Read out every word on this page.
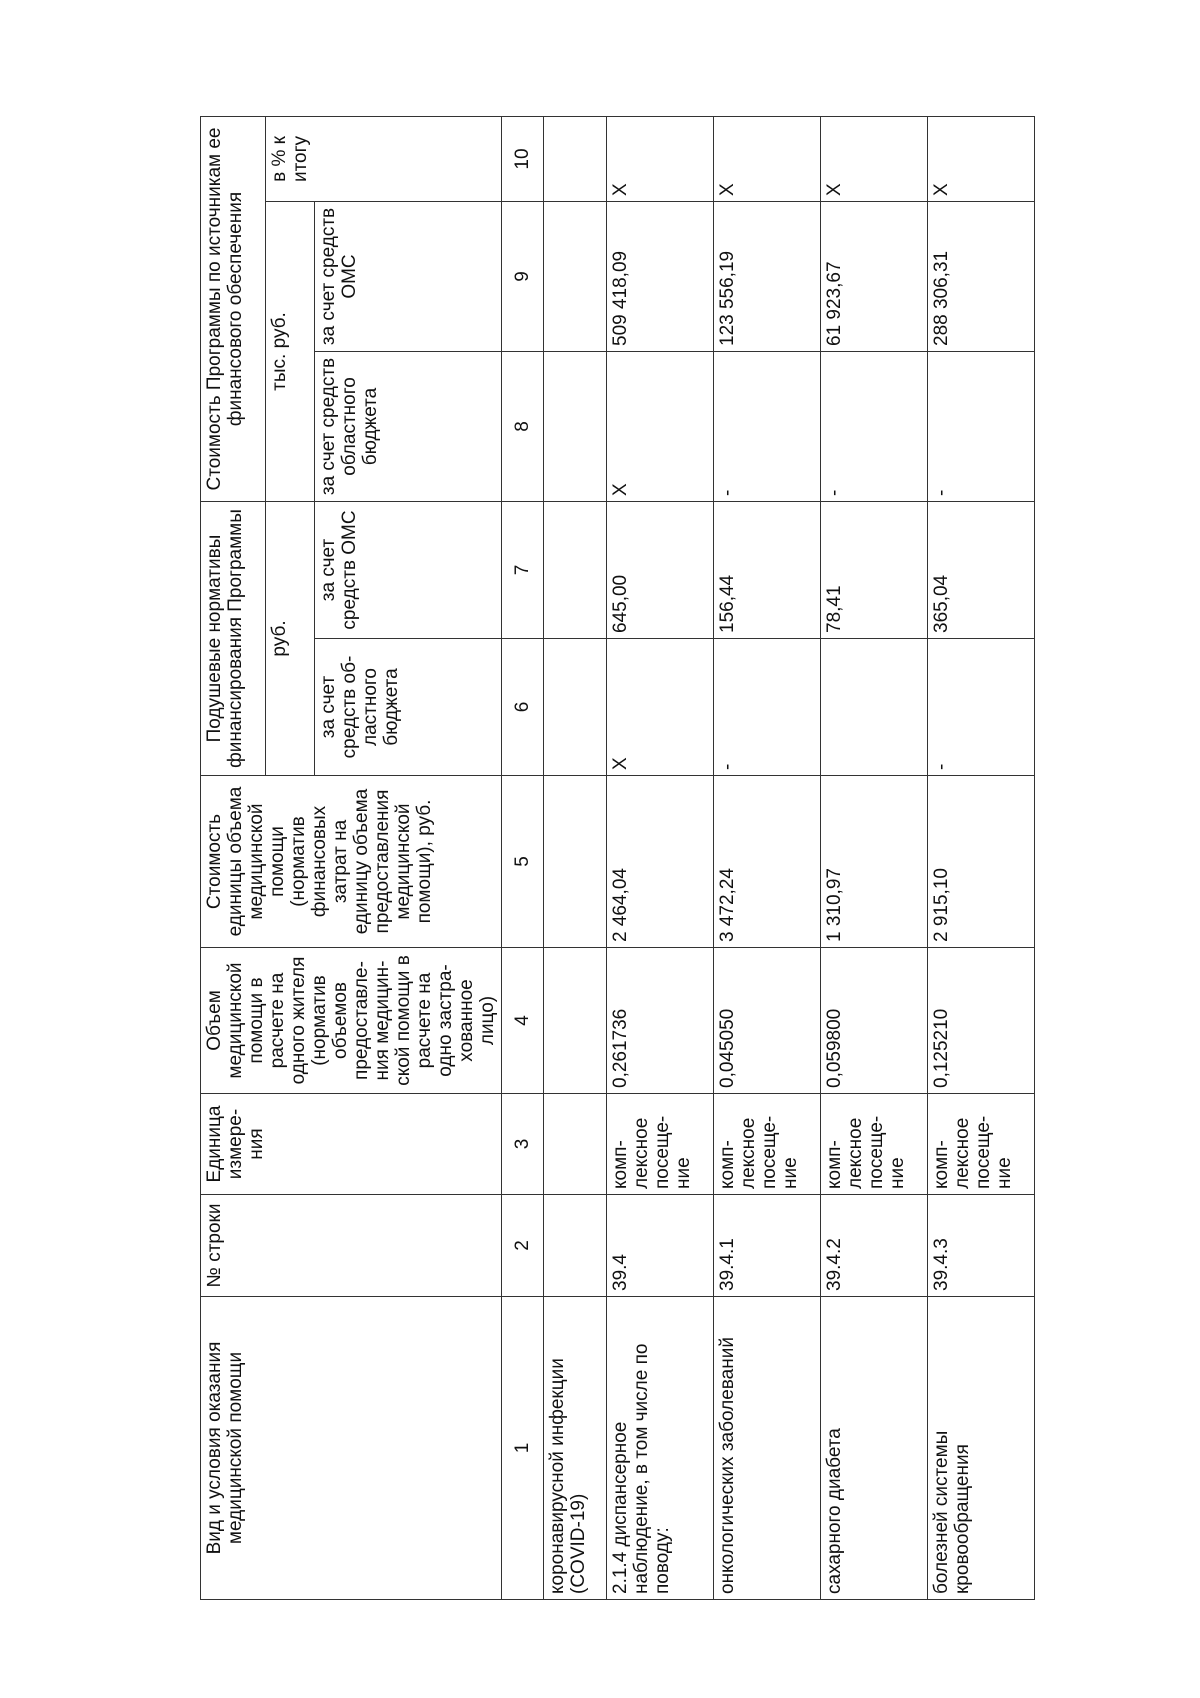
Вид и условия оказания медицинской помощи	№ строки	Единица измере-ния	Объем медицинской помощи в расчете на одного жителя (норматив объемов предоставле-ния медицин-ской помощи в расчете на одно застра-хованное лицо)	Стоимость единицы объема медицинской помощи (норматив финансовых затрат на единицу объема предоставления медицинской помощи), руб.	Подушевые нормативы финансирования Программы		Стоимость Программы по источникам ее финансового обеспечения		
					руб.		тыс. руб.		в % к итогу
					за счет средств об-ластного бюджета	за счет средств ОМС	за счет средств областного бюджета	за счет средств ОМС	
1	2	3	4	5	6	7	8	9	10
коронавирусной инфекции (COVID-19)									
2.1.4 диспансерное наблюдение, в том числе по поводу:	39.4	комп-лексное посеще-ние	0,261736	2 464,04	X	645,00	X	509 418,09	X
онкологических заболеваний	39.4.1	комп-лексное посеще-ние	0,045050	3 472,24	-	156,44	-	123 556,19	X
сахарного диабета	39.4.2	комп-лексное посеще-ние	0,059800	1 310,97		78,41	-	61 923,67	X
болезней системы кровообращения	39.4.3	комп-лексное посеще-ние	0,125210	2 915,10	-	365,04	-	288 306,31	X
